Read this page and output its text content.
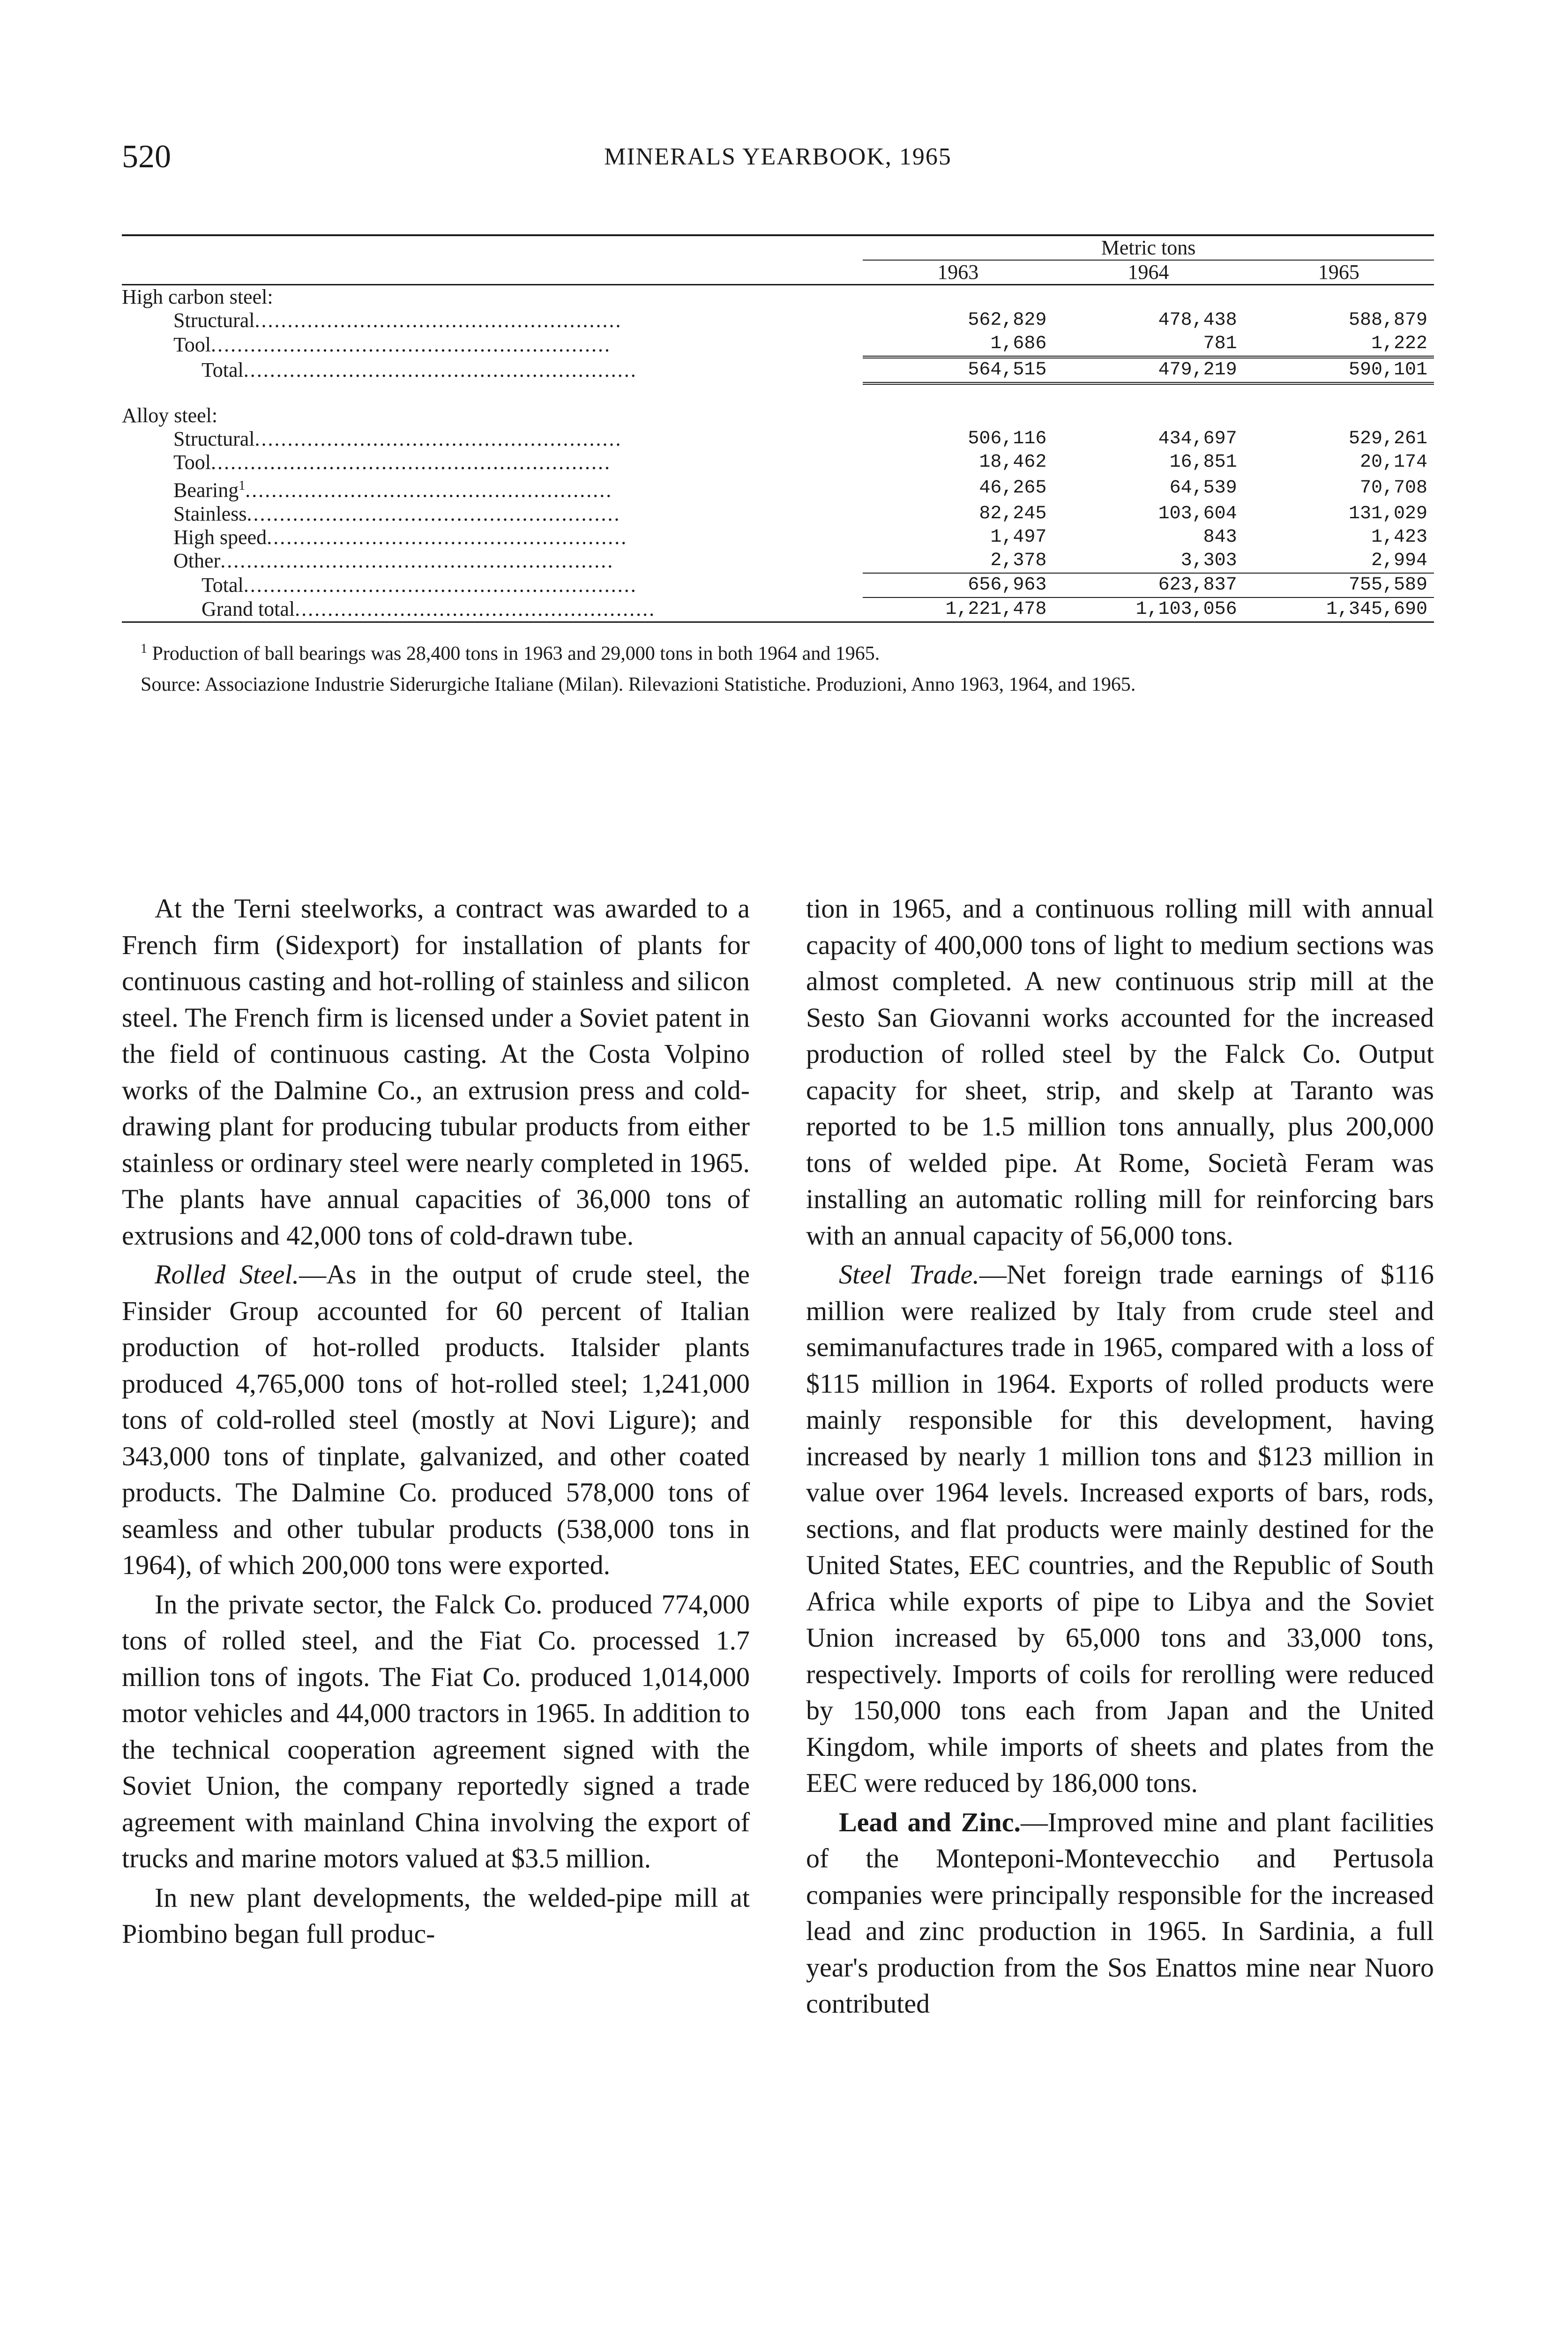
520	MINERALS YEARBOOK, 1965
	Metric tons		
	1963	1964	1965
High carbon steel:			
Structural........................................................	562,829	478,438	588,879
Tool.............................................................	1,686	781	1,222
Total............................................................	564,515	479,219	590,101
Alloy steel:			
Structural........................................................	506,116	434,697	529,261
Tool.............................................................	18,462	16,851	20,174
Bearing$^1$........................................................	46,265	64,539	70,708
Stainless.........................................................	82,245	103,604	131,029
High speed.......................................................	1,497	843	1,423
Other............................................................	2,378	3,303	2,994
Total............................................................	656,963	623,837	755,589
Grand total.......................................................	1,221,478	1,103,056	1,345,690

$^1$ Production of ball bearings was 28,400 tons in 1963 and 29,000 tons in both 1964 and 1965.

Source: Associazione Industrie Siderurgiche Italiane (Milan). Rilevazioni Statistiche. Produzioni, Anno 1963, 1964, and 1965.

At the Terni steelworks, a contract was awarded to a French firm (Sidexport) for installation of plants for continuous casting and hot-rolling of stainless and silicon steel. The French firm is licensed under a Soviet patent in the field of continuous casting. At the Costa Volpino works of the Dalmine Co., an extrusion press and cold-drawing plant for producing tubular products from either stainless or ordinary steel were nearly completed in 1965. The plants have annual capacities of 36,000 tons of extrusions and 42,000 tons of cold-drawn tube.

Rolled Steel.—As in the output of crude steel, the Finsider Group accounted for 60 percent of Italian production of hot-rolled products. Italsider plants produced 4,765,000 tons of hot-rolled steel; 1,241,000 tons of cold-rolled steel (mostly at Novi Ligure); and 343,000 tons of tinplate, galvanized, and other coated products. The Dalmine Co. produced 578,000 tons of seamless and other tubular products (538,000 tons in 1964), of which 200,000 tons were exported.

In the private sector, the Falck Co. produced 774,000 tons of rolled steel, and the Fiat Co. processed 1.7 million tons of ingots. The Fiat Co. produced 1,014,000 motor vehicles and 44,000 tractors in 1965. In addition to the technical cooperation agreement signed with the Soviet Union, the company reportedly signed a trade agreement with mainland China involving the export of trucks and marine motors valued at $3.5 million.

In new plant developments, the welded-pipe mill at Piombino began full produc-

tion in 1965, and a continuous rolling mill with annual capacity of 400,000 tons of light to medium sections was almost completed. A new continuous strip mill at the Sesto San Giovanni works accounted for the increased production of rolled steel by the Falck Co. Output capacity for sheet, strip, and skelp at Taranto was reported to be 1.5 million tons annually, plus 200,000 tons of welded pipe. At Rome, Società Feram was installing an automatic rolling mill for reinforcing bars with an annual capacity of 56,000 tons.

Steel Trade.—Net foreign trade earnings of $116 million were realized by Italy from crude steel and semimanufactures trade in 1965, compared with a loss of $115 million in 1964. Exports of rolled products were mainly responsible for this development, having increased by nearly 1 million tons and $123 million in value over 1964 levels. Increased exports of bars, rods, sections, and flat products were mainly destined for the United States, EEC countries, and the Republic of South Africa while exports of pipe to Libya and the Soviet Union increased by 65,000 tons and 33,000 tons, respectively. Imports of coils for rerolling were reduced by 150,000 tons each from Japan and the United Kingdom, while imports of sheets and plates from the EEC were reduced by 186,000 tons.

Lead and Zinc.—Improved mine and plant facilities of the Monteponi-Montevecchio and Pertusola companies were principally responsible for the increased lead and zinc production in 1965. In Sardinia, a full year's production from the Sos Enattos mine near Nuoro contributed
